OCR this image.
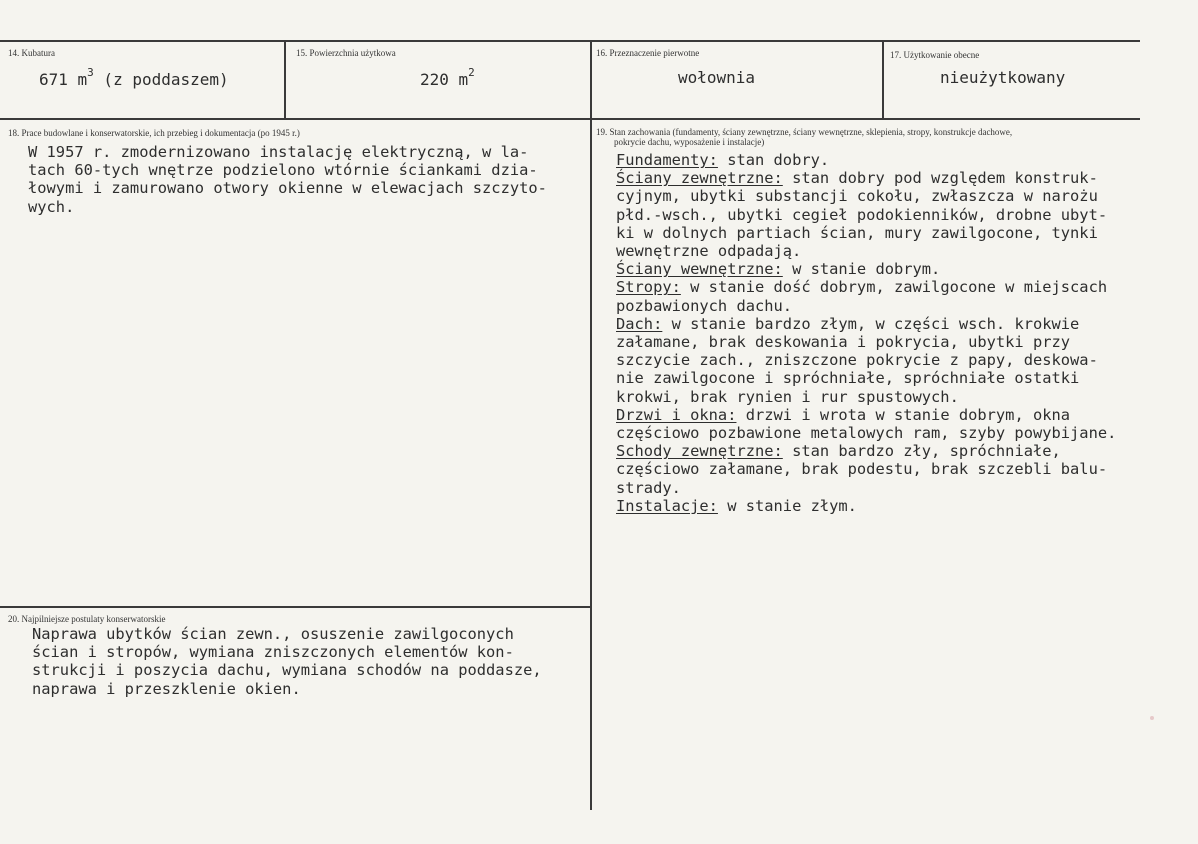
14. Kubatura
671 $m^3$ (z poddaszem)
15. Powierzchnia użytkowa
220 $m^2$
16. Przeznaczenie pierwotne
wołownia
17. Użytkowanie obecne
nieużytkowany
18. Prace budowlane i konserwatorskie, ich przebieg i dokumentacja (po 1945 r.)
W 1957 r. zmodernizowano instalację elektryczną, w la-
tach 60-tych wnętrze podzielono wtórnie ściankami dzia-
łowymi i zamurowano otwory okienne w elewacjach szczyto-
wych.
19. Stan zachowania (fundamenty, ściany zewnętrzne, ściany wewnętrzne, sklepienia, stropy, konstrukcje dachowe,
pokrycie dachu, wyposażenie i instalacje)
Fundamenty: stan dobry.
Ściany zewnętrzne: stan dobry pod względem konstruk-
cyjnym, ubytki substancji cokołu, zwłaszcza w narożu
płd.-wsch., ubytki cegieł podokienników, drobne ubyt-
ki w dolnych partiach ścian, mury zawilgocone, tynki
wewnętrzne odpadają.
Ściany wewnętrzne: w stanie dobrym.
Stropy: w stanie dość dobrym, zawilgocone w miejscach
pozbawionych dachu.
Dach: w stanie bardzo złym, w części wsch. krokwie
załamane, brak deskowania i pokrycia, ubytki przy
szczycie zach., zniszczone pokrycie z papy, deskowa-
nie zawilgocone i spróchniałe, spróchniałe ostatki
krokwi, brak rynien i rur spustowych.
Drzwi i okna: drzwi i wrota w stanie dobrym, okna
częściowo pozbawione metalowych ram, szyby powybijane.
Schody zewnętrzne: stan bardzo zły, spróchniałe,
częściowo załamane, brak podestu, brak szczebli balu-
strady.
Instalacje: w stanie złym.
20. Najpilniejsze postulaty konserwatorskie
Naprawa ubytków ścian zewn., osuszenie zawilgoconych
ścian i stropów, wymiana zniszczonych elementów kon-
strukcji i poszycia dachu, wymiana schodów na poddasze,
naprawa i przeszklenie okien.
